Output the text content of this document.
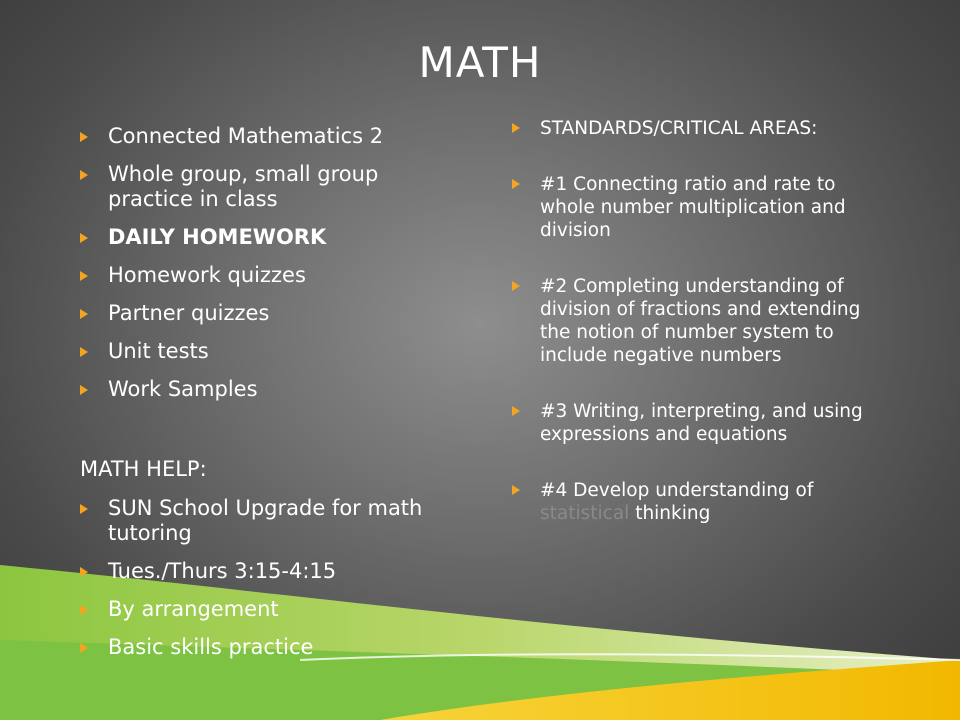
MATH
Connected Mathematics 2
Whole group, small group practice in class
DAILY HOMEWORK
Homework quizzes
Partner quizzes
Unit tests
Work Samples
MATH HELP:
SUN School Upgrade for math tutoring
Tues./Thurs 3:15-4:15
By arrangement
Basic skills practice
STANDARDS/CRITICAL AREAS:
#1 Connecting ratio and rate to whole number multiplication and division
#2 Completing understanding of division of fractions and extending the notion of number system to include negative numbers
#3 Writing, interpreting, and using expressions and equations
#4 Develop understanding of statistical thinking
